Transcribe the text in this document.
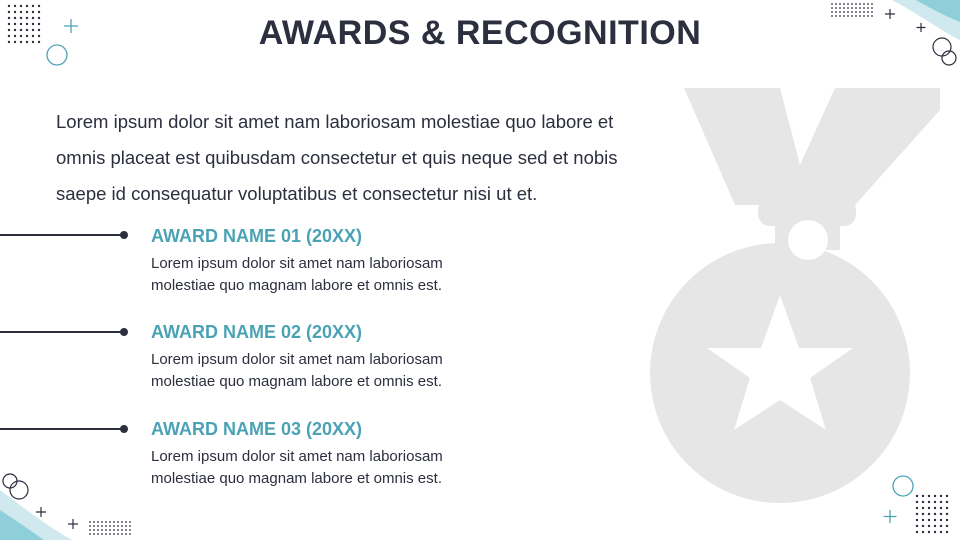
AWARDS & RECOGNITION

Lorem ipsum dolor sit amet nam laboriosam molestiae quo labore et omnis placeat est quibusdam consectetur et quis neque sed et nobis saepe id consequatur voluptatibus et consectetur nisi ut et.

AWARD NAME 01 (20XX)
Lorem ipsum dolor sit amet nam laboriosam molestiae quo magnam labore et omnis est.
AWARD NAME 02 (20XX)
Lorem ipsum dolor sit amet nam laboriosam molestiae quo magnam labore et omnis est.
AWARD NAME 03 (20XX)
Lorem ipsum dolor sit amet nam laboriosam molestiae quo magnam labore et omnis est.
